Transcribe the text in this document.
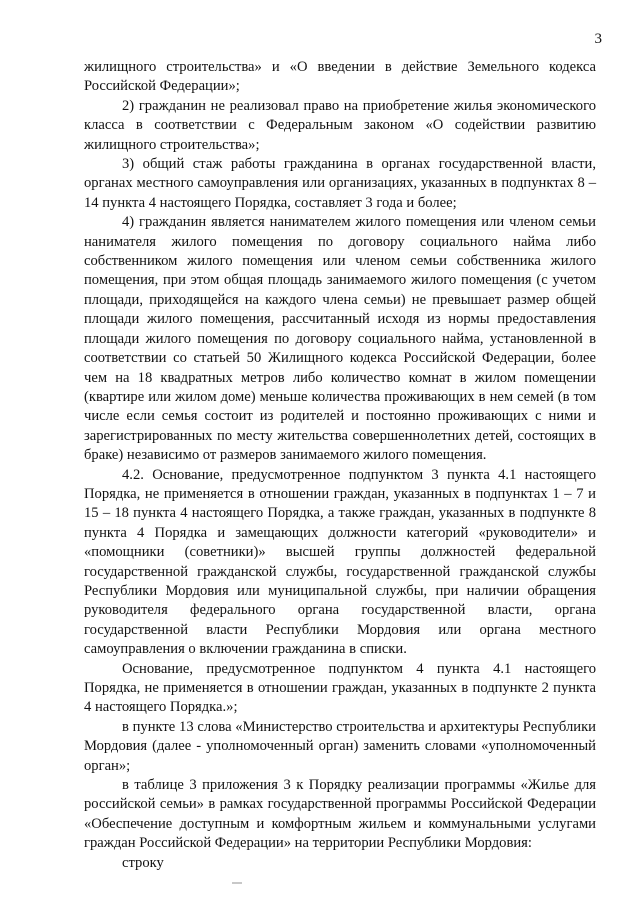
3

жилищного строительства» и «О введении в действие Земельного кодекса Российской Федерации»;

2) гражданин не реализовал право на приобретение жилья экономического класса в соответствии с Федеральным законом «О содействии развитию жилищного строительства»;

3) общий стаж работы гражданина в органах государственной власти, органах местного самоуправления или организациях, указанных в подпунктах 8 – 14 пункта 4 настоящего Порядка, составляет 3 года и более;

4) гражданин является нанимателем жилого помещения или членом семьи нанимателя жилого помещения по договору социального найма либо собственником жилого помещения или членом семьи собственника жилого помещения, при этом общая площадь занимаемого жилого помещения (с учетом площади, приходящейся на каждого члена семьи) не превышает размер общей площади жилого помещения, рассчитанный исходя из нормы предоставления площади жилого помещения по договору социального найма, установленной в соответствии со статьей 50 Жилищного кодекса Российской Федерации, более чем на 18 квадратных метров либо количество комнат в жилом помещении (квартире или жилом доме) меньше количества проживающих в нем семей (в том числе если семья состоит из родителей и постоянно проживающих с ними и зарегистрированных по месту жительства совершеннолетних детей, состоящих в браке) независимо от размеров занимаемого жилого помещения.

4.2. Основание, предусмотренное подпунктом 3 пункта 4.1 настоящего Порядка, не применяется в отношении граждан, указанных в подпунктах 1 – 7 и 15 – 18 пункта 4 настоящего Порядка, а также граждан, указанных в подпункте 8 пункта 4 Порядка и замещающих должности категорий «руководители» и «помощники (советники)» высшей группы должностей федеральной государственной гражданской службы, государственной гражданской службы Республики Мордовия или муниципальной службы, при наличии обращения руководителя федерального органа государственной власти, органа государственной власти Республики Мордовия или органа местного самоуправления о включении гражданина в списки.

Основание, предусмотренное подпунктом 4 пункта 4.1 настоящего Порядка, не применяется в отношении граждан, указанных в подпункте 2 пункта 4 настоящего Порядка.»;

в пункте 13 слова «Министерство строительства и архитектуры Республики Мордовия (далее - уполномоченный орган) заменить словами «уполномоченный орган»;

в таблице 3 приложения 3 к Порядку реализации программы «Жилье для российской семьи» в рамках государственной программы Российской Федерации «Обеспечение доступным и комфортным жильем и коммунальными услугами граждан Российской Федерации» на территории Республики Мордовия:

строку
